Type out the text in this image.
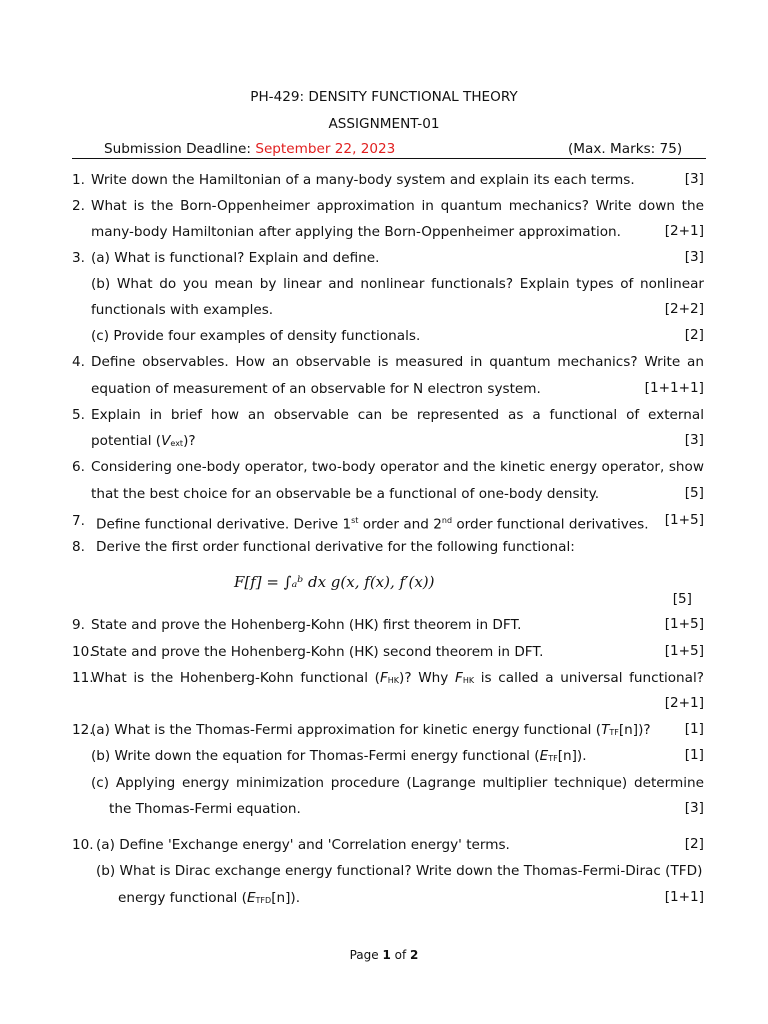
PH-429: DENSITY FUNCTIONAL THEORY
ASSIGNMENT-01
Submission Deadline: September 22, 2023	(Max. Marks: 75)
1. Write down the Hamiltonian of a many-body system and explain its each terms.	[3]
2. What is the Born-Oppenheimer approximation in quantum mechanics? Write down the
many-body Hamiltonian after applying the Born-Oppenheimer approximation.	[2+1]
3. (a) What is functional? Explain and define.	[3]
(b) What do you mean by linear and nonlinear functionals? Explain types of nonlinear
functionals with examples.	[2+2]
(c) Provide four examples of density functionals.	[2]
4. Define observables. How an observable is measured in quantum mechanics? Write an
equation of measurement of an observable for N electron system.	[1+1+1]
5. Explain in brief how an observable can be represented as a functional of external
potential $(V_{ext})$?	[3]
6. Considering one-body operator, two-body operator and the kinetic energy operator, show
that the best choice for an observable be a functional of one-body density.	[5]
7. Define functional derivative. Derive 1st order and 2nd order functional derivatives. [1+5]
8. Derive the first order functional derivative for the following functional:
F[f] = ∫ₐᵇ dx g(x, f(x), f′(x))
[5]
9. State and prove the Hohenberg-Kohn (HK) first theorem in DFT.	[1+5]
10.
State and prove the Hohenberg-Kohn (HK) second theorem in DFT.	[1+5]
11.
What is the Hohenberg-Kohn functional $(F_{HK})$? Why $F_{HK}$ is called a universal functional?
[2+1]
12.
(a) What is the Thomas-Fermi approximation for kinetic energy functional $(T_{TF}[n])$?	[1]
(b) Write down the equation for Thomas-Fermi energy functional $(E_{TF}[n])$.	[1]
(c) Applying energy minimization procedure (Lagrange multiplier technique) determine
the Thomas-Fermi equation.	[3]
10. (a) Define 'Exchange energy' and 'Correlation energy' terms.	[2]
(b) What is Dirac exchange energy functional? Write down the Thomas-Fermi-Dirac (TFD)
energy functional $(E_{TFD}[n])$.	[1+1]
Page 1 of 2
